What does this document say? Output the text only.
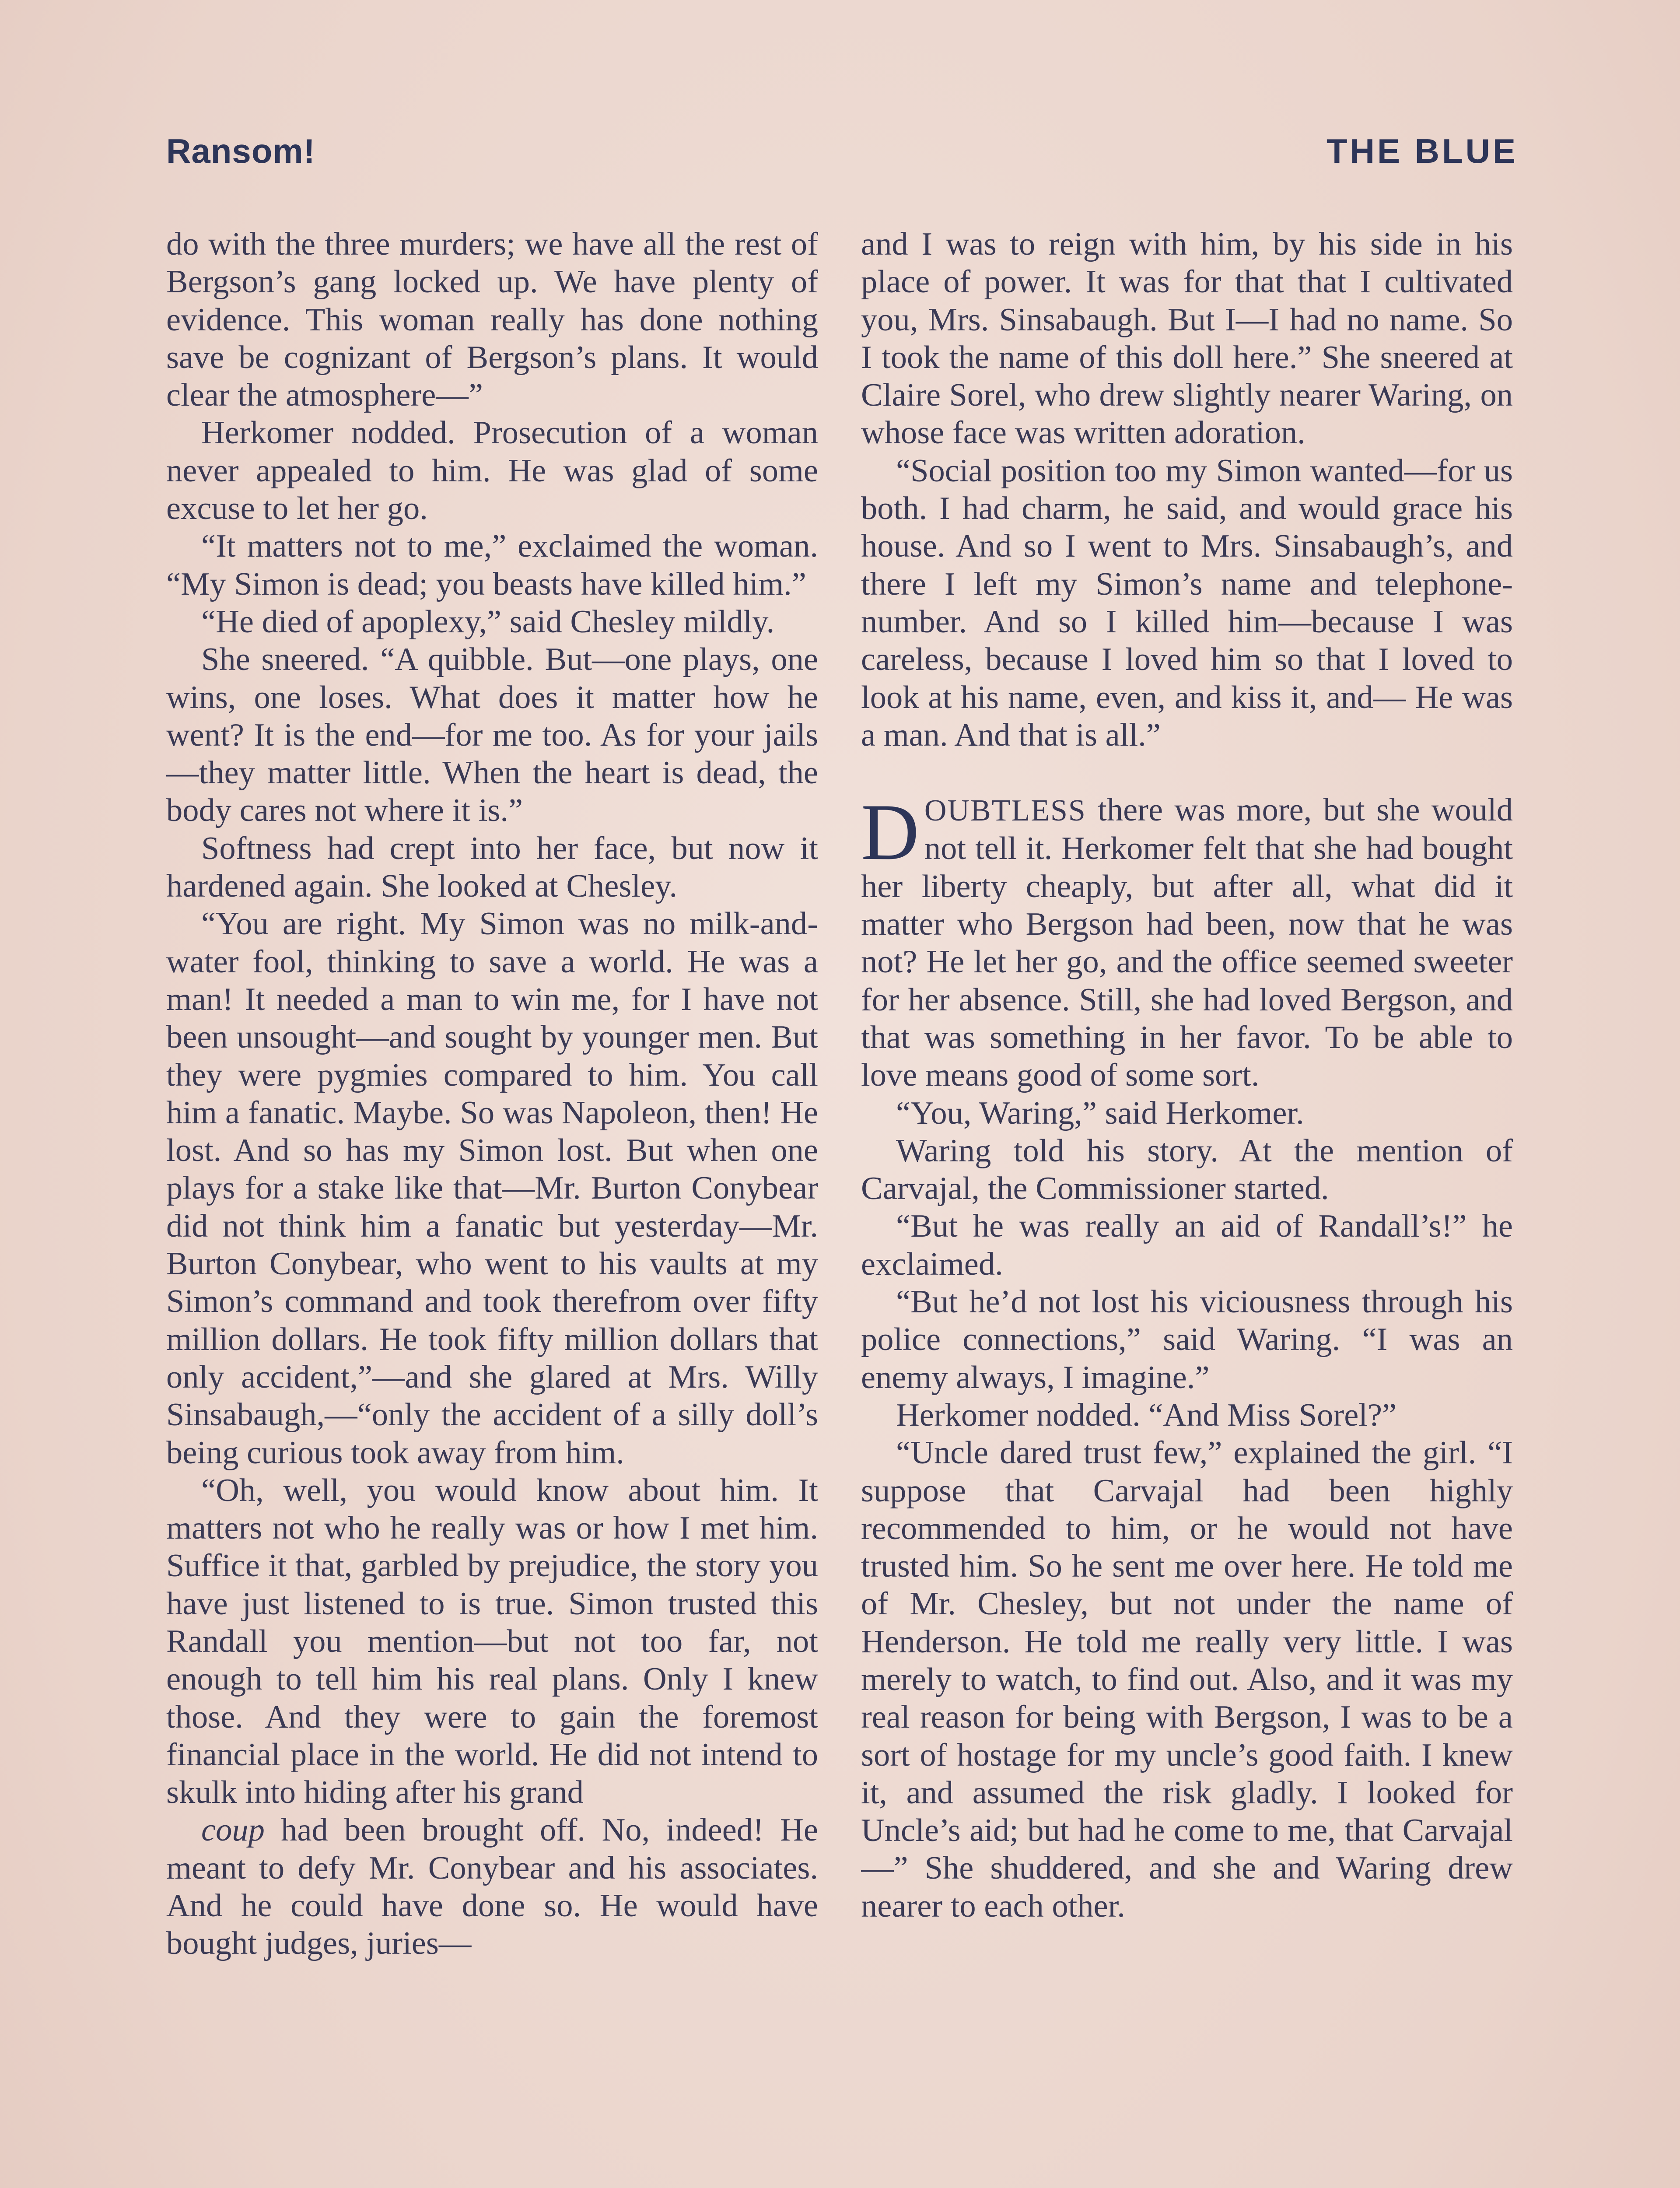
Ransom!	THE BLUE

do with the three murders; we have all the rest of Bergson’s gang locked up. We have plenty of evidence. This woman really has done nothing save be cognizant of Bergson’s plans. It would clear the atmosphere—”

Herkomer nodded. Prosecution of a woman never appealed to him. He was glad of some excuse to let her go.

“It matters not to me,” exclaimed the woman. “My Simon is dead; you beasts have killed him.”

“He died of apoplexy,” said Chesley mildly.

She sneered. “A quibble. But—one plays, one wins, one loses. What does it matter how he went? It is the end—for me too. As for your jails—they matter little. When the heart is dead, the body cares not where it is.”

Softness had crept into her face, but now it hardened again. She looked at Chesley.

“You are right. My Simon was no milk-and-water fool, thinking to save a world. He was a man! It needed a man to win me, for I have not been unsought—and sought by younger men. But they were pygmies compared to him. You call him a fanatic. Maybe. So was Napoleon, then! He lost. And so has my Simon lost. But when one plays for a stake like that—Mr. Burton Conybear did not think him a fanatic but yesterday—Mr. Burton Conybear, who went to his vaults at my Simon’s command and took therefrom over fifty million dollars. He took fifty million dollars that only accident,”—and she glared at Mrs. Willy Sinsabaugh,—“only the accident of a silly doll’s being curious took away from him.

“Oh, well, you would know about him. It matters not who he really was or how I met him. Suffice it that, garbled by prejudice, the story you have just listened to is true. Simon trusted this Randall you mention—but not too far, not enough to tell him his real plans. Only I knew those. And they were to gain the foremost financial place in the world. He did not intend to skulk into hiding after his grand

coup had been brought off. No, indeed! He meant to defy Mr. Conybear and his associates. And he could have done so. He would have bought judges, juries—

and I was to reign with him, by his side in his place of power. It was for that that I cultivated you, Mrs. Sinsabaugh. But I—I had no name. So I took the name of this doll here.” She sneered at Claire Sorel, who drew slightly nearer Waring, on whose face was written adoration.

“Social position too my Simon wanted—for us both. I had charm, he said, and would grace his house. And so I went to Mrs. Sinsabaugh’s, and there I left my Simon’s name and telephone-number. And so I killed him—because I was careless, because I loved him so that I loved to look at his name, even, and kiss it, and— He was a man. And that is all.”

DOUBTLESS there was more, but she would not tell it. Herkomer felt that she had bought her liberty cheaply, but after all, what did it matter who Bergson had been, now that he was not? He let her go, and the office seemed sweeter for her absence. Still, she had loved Bergson, and that was something in her favor. To be able to love means good of some sort.

“You, Waring,” said Herkomer.

Waring told his story. At the mention of Carvajal, the Commissioner started.

“But he was really an aid of Randall’s!” he exclaimed.

“But he’d not lost his viciousness through his police connections,” said Waring. “I was an enemy always, I imagine.”

Herkomer nodded. “And Miss Sorel?”

“Uncle dared trust few,” explained the girl. “I suppose that Carvajal had been highly recommended to him, or he would not have trusted him. So he sent me over here. He told me of Mr. Chesley, but not under the name of Henderson. He told me really very little. I was merely to watch, to find out. Also, and it was my real reason for being with Bergson, I was to be a sort of hostage for my uncle’s good faith. I knew it, and assumed the risk gladly. I looked for Uncle’s aid; but had he come to me, that Carvajal—” She shuddered, and she and Waring drew nearer to each other.
